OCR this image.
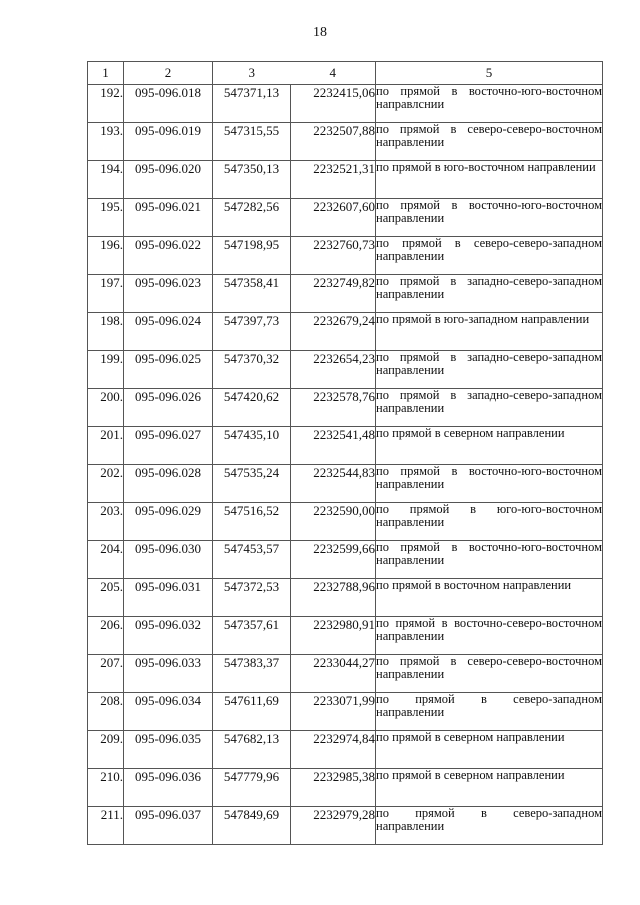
18
1	2	3	4	5
192.	095-096.018	547371,13	2232415,06	по прямой в восточно-юго-восточном направлснии
193.	095-096.019	547315,55	2232507,88	по прямой в северо-северо-восточном направлении
194.	095-096.020	547350,13	2232521,31	по прямой в юго-восточном направлении
195.	095-096.021	547282,56	2232607,60	по прямой в восточно-юго-восточном направлении
196.	095-096.022	547198,95	2232760,73	по прямой в северо-северо-западном направлении
197.	095-096.023	547358,41	2232749,82	по прямой в западно-северо-западном направлении
198.	095-096.024	547397,73	2232679,24	по прямой в юго-западном направлении
199.	095-096.025	547370,32	2232654,23	по прямой в западно-северо-западном направлении
200.	095-096.026	547420,62	2232578,76	по прямой в западно-северо-западном направлении
201.	095-096.027	547435,10	2232541,48	по прямой в северном направлении
202.	095-096.028	547535,24	2232544,83	по прямой в восточно-юго-восточном направлении
203.	095-096.029	547516,52	2232590,00	по прямой в юго-юго-восточном направлении
204.	095-096.030	547453,57	2232599,66	по прямой в восточно-юго-восточном направлении
205.	095-096.031	547372,53	2232788,96	по прямой в восточном направлении
206.	095-096.032	547357,61	2232980,91	по прямой в восточно-северо-восточном направлении
207.	095-096.033	547383,37	2233044,27	по прямой в северо-северо-восточном направлении
208.	095-096.034	547611,69	2233071,99	по прямой в северо-западном направлении
209.	095-096.035	547682,13	2232974,84	по прямой в северном направлении
210.	095-096.036	547779,96	2232985,38	по прямой в северном направлении
211.	095-096.037	547849,69	2232979,28	по прямой в северо-западном направлении
